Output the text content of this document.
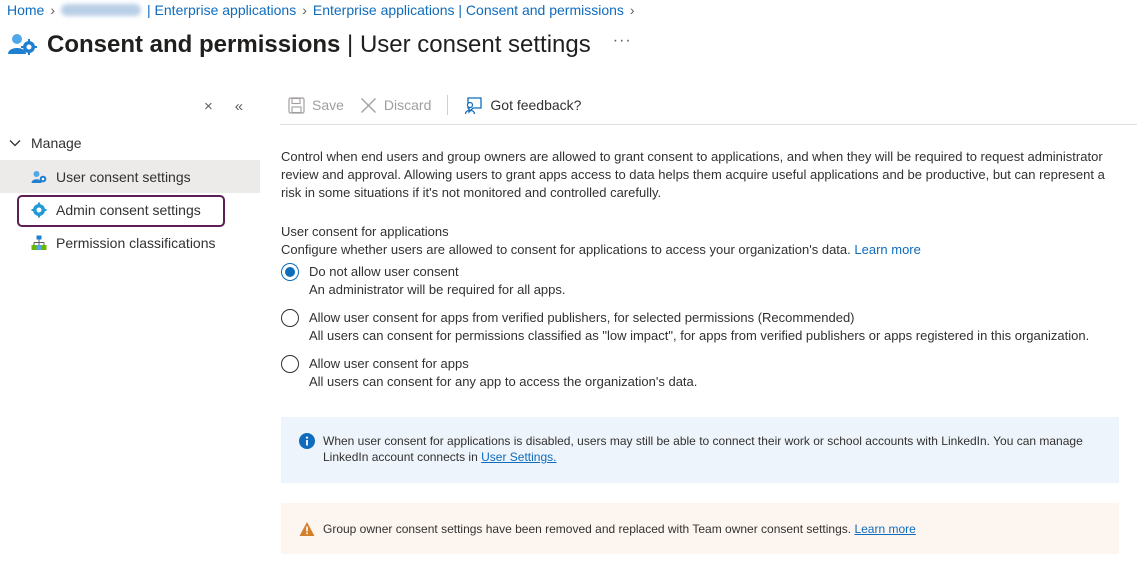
Home ›	| Enterprise applications › Enterprise applications | Consent and permissions ›
Consent and permissions | User consent settings ···
× «
Manage
User consent settings
Admin consent settings
Permission classifications
Save	Discard	Got feedback?

Control when end users and group owners are allowed to grant consent to applications, and when they will be required to request administrator review and approval. Allowing users to grant apps access to data helps them acquire useful applications and be productive, but can represent a risk in some situations if it's not monitored and controlled carefully.

User consent for applications
Configure whether users are allowed to consent for applications to access your organization's data. Learn more
Do not allow user consent
An administrator will be required for all apps.
Allow user consent for apps from verified publishers, for selected permissions (Recommended)
All users can consent for permissions classified as "low impact", for apps from verified publishers or apps registered in this organization.
Allow user consent for apps
All users can consent for any app to access the organization's data.
When user consent for applications is disabled, users may still be able to connect their work or school accounts with LinkedIn. You can manage LinkedIn account connects in User Settings.
Group owner consent settings have been removed and replaced with Team owner consent settings. Learn more
